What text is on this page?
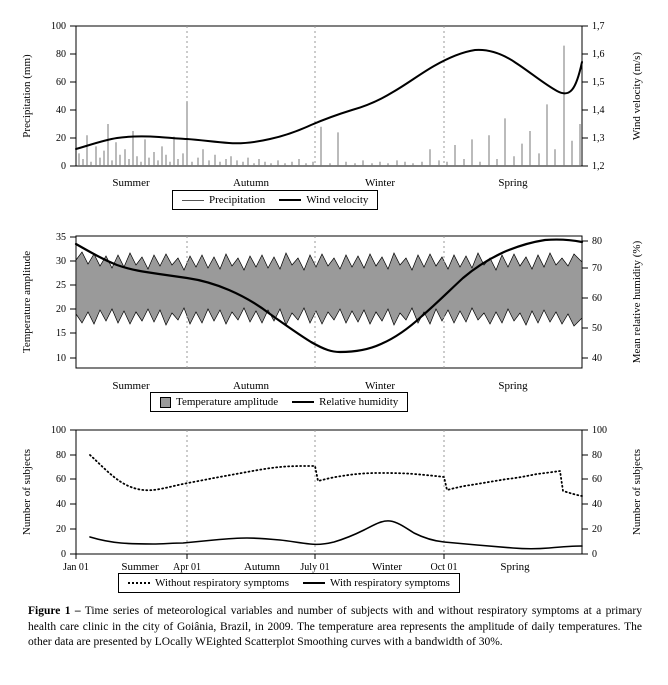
0
20
40
60
80
100
1,2
1,3
1,4
1,5
1,6
1,7
Precipitation (mm)	Wind velocity (m/s)
Summer	Autumn	Winter	Spring
Precipitation	Wind velocity
10
15
20
25
30
35
40
50
60
70
80
Temperature amplitude	Mean relative humidity (%)
Summer	Autumn	Winter	Spring
Temperature amplitude	Relative humidity
0
20
40
60
80
100
0
20
40
60
80
100
Number of subjects	Number of subjects
Jan 01	Apr 01	July 01	Oct 01
Summer	Autumn	Winter	Spring
Without respiratory symptoms	With respiratory symptoms
Figure 1 – Time series of meteorological variables and number of subjects with and without respiratory symptoms at a primary health care clinic in the city of Goiânia, Brazil, in 2009. The temperature area represents the amplitude of daily temperatures. The other data are presented by LOcally WEighted Scatterplot Smoothing curves with a bandwidth of 30%.
